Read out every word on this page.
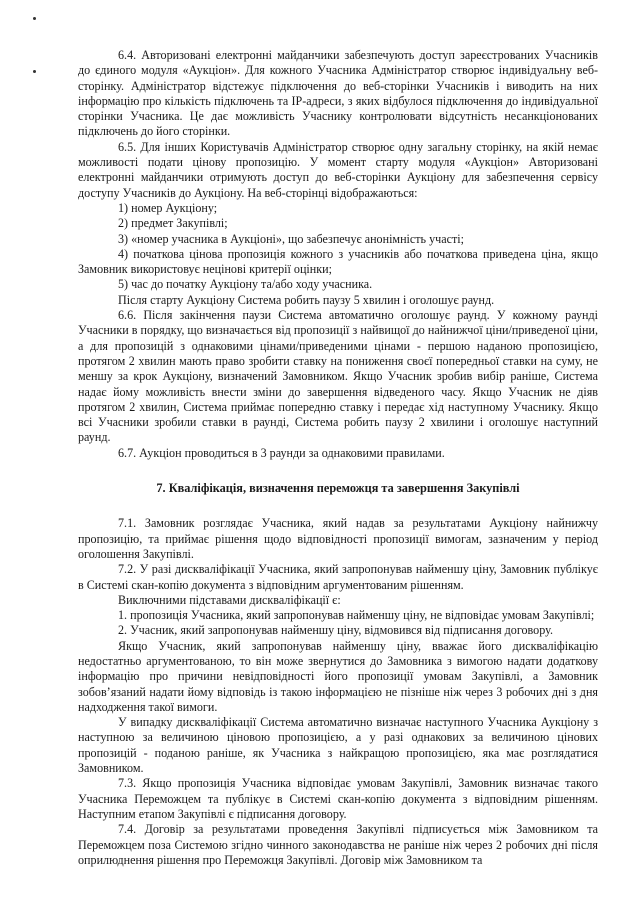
6.4. Авторизовані електронні майданчики забезпечують доступ зареєстрованих Учасників до єдиного модуля «Аукціон». Для кожного Учасника Адміністратор створює індивідуальну веб-сторінку. Адміністратор відстежує підключення до веб-сторінки Учасників і виводить на них інформацію про кількість підключень та ІР-адреси, з яких відбулося підключення до індивідуальної сторінки Учасника. Це дає можливість Учаснику контролювати відсутність несанкціонованих підключень до його сторінки.

6.5. Для інших Користувачів Адміністратор створює одну загальну сторінку, на якій немає можливості подати цінову пропозицію. У момент старту модуля «Аукціон» Авторизовані електронні майданчики отримують доступ до веб-сторінки Аукціону для забезпечення сервісу доступу Учасників до Аукціону. На веб-сторінці відображаються:

1) номер Аукціону;

2) предмет Закупівлі;

3) «номер учасника в Аукціоні», що забезпечує анонімність участі;

4) початкова цінова пропозиція кожного з учасників або початкова приведена ціна, якщо Замовник використовує нецінові критерії оцінки;

5) час до початку Аукціону та/або ходу учасника.

Після старту Аукціону Система робить паузу 5 хвилин і оголошує раунд.

6.6. Після закінчення паузи Система автоматично оголошує раунд. У кожному раунді Учасники в порядку, що визначається від пропозиції з найвищої до найнижчої ціни/приведеної ціни, а для пропозицій з однаковими цінами/приведеними цінами - першою наданою пропозицією, протягом 2 хвилин мають право зробити ставку на пониження своєї попередньої ставки на суму, не меншу за крок Аукціону, визначений Замовником. Якщо Учасник зробив вибір раніше, Система надає йому можливість внести зміни до завершення відведеного часу. Якщо Учасник не діяв протягом 2 хвилин, Система приймає попередню ставку і передає хід наступному Учаснику. Якщо всі Учасники зробили ставки в раунді, Система робить паузу 2 хвилини і оголошує наступний раунд.

6.7. Аукціон проводиться в 3 раунди за однаковими правилами.

7. Кваліфікація, визначення переможця та завершення Закупівлі

7.1. Замовник розглядає Учасника, який надав за результатами Аукціону найнижчу пропозицію, та приймає рішення щодо відповідності пропозиції вимогам, зазначеним у період оголошення Закупівлі.

7.2. У разі дискваліфікації Учасника, який запропонував найменшу ціну, Замовник публікує в Системі скан-копію документа з відповідним аргументованим рішенням.

Виключними підставами дискваліфікації є:

1. пропозиція Учасника, який запропонував найменшу ціну, не відповідає умовам Закупівлі;

2. Учасник, який запропонував найменшу ціну, відмовився від підписання договору.

Якщо Учасник, який запропонував найменшу ціну, вважає його дискваліфікацію недостатньо аргументованою, то він може звернутися до Замовника з вимогою надати додаткову інформацію про причини невідповідності його пропозиції умовам Закупівлі, а Замовник зобов’язаний надати йому відповідь із такою інформацією не пізніше ніж через 3 робочих дні з дня надходження такої вимоги.

У випадку дискваліфікації Система автоматично визначає наступного Учасника Аукціону з наступною за величиною ціновою пропозицією, а у разі однакових за величиною цінових пропозицій - поданою раніше, як Учасника з найкращою пропозицією, яка має розглядатися Замовником.

7.3. Якщо пропозиція Учасника відповідає умовам Закупівлі, Замовник визначає такого Учасника Переможцем та публікує в Системі скан-копію документа з відповідним рішенням. Наступним етапом Закупівлі є підписання договору.

7.4. Договір за результатами проведення Закупівлі підписується між Замовником та Переможцем поза Системою згідно чинного законодавства не раніше ніж через 2 робочих дні після оприлюднення рішення про Переможця Закупівлі. Договір між Замовником та
